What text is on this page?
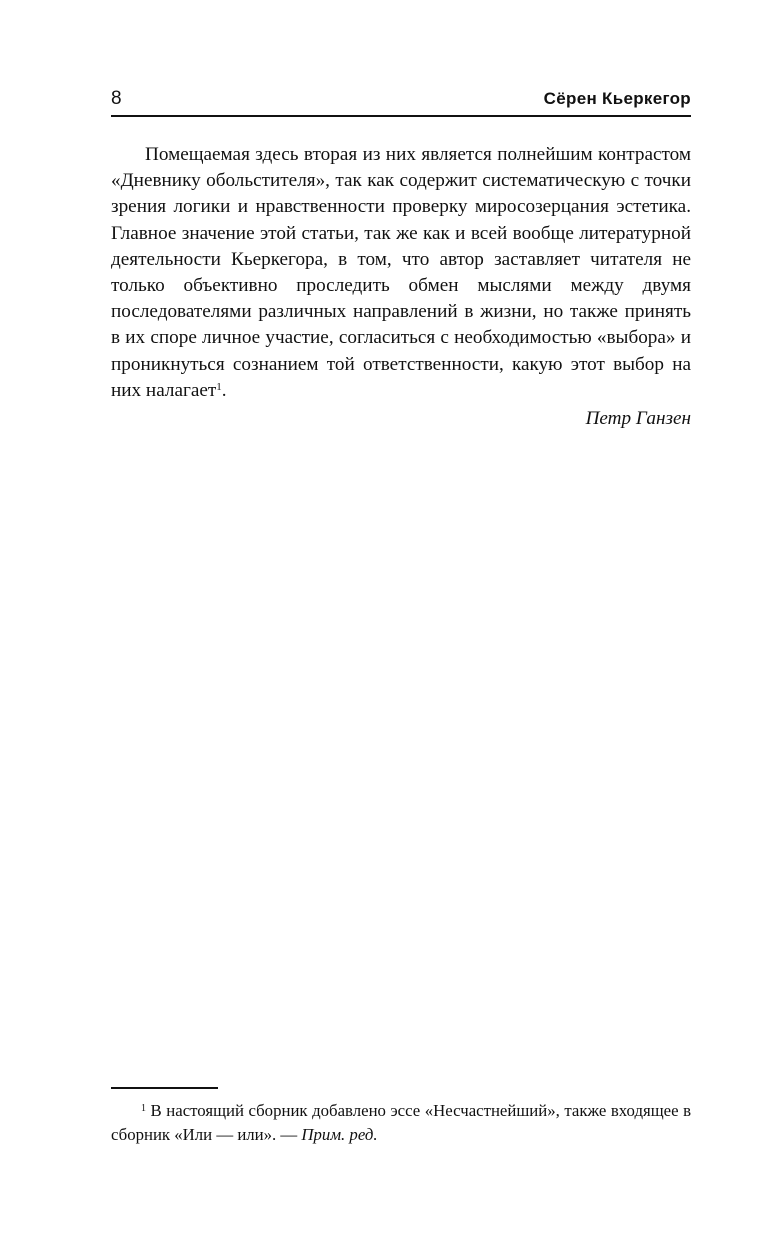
8	Сёрен Кьеркегор

Помещаемая здесь вторая из них является полнейшим контрастом «Дневнику обольстителя», так как содержит систематическую с точки зрения логики и нравственности проверку миросозерцания эстетика. Главное значение этой статьи, так же как и всей вообще литературной деятельности Кьеркегора, в том, что автор заставляет читателя не только объективно проследить обмен мыслями между двумя последователями различных направлений в жизни, но также принять в их споре личное участие, согласиться с необходимостью «выбора» и проникнуться сознанием той ответственности, какую этот выбор на них налагает$^1$.

Петр Ганзен

$^1$ В настоящий сборник добавлено эссе «Несчастнейший», также входящее в сборник «Или — или». — Прим. ред.
